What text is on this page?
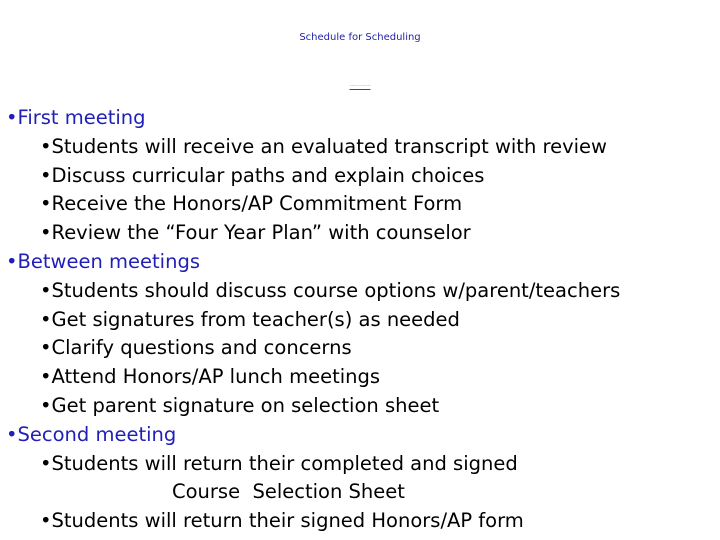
Schedule for Scheduling
Counselors will see all students two times
•First meeting
•Students will receive an evaluated transcript with review
•Discuss curricular paths and explain choices
•Receive the Honors/AP Commitment Form
•Review the “Four Year Plan” with counselor
•Between meetings
•Students should discuss course options w/parent/teachers
•Get signatures from teacher(s) as needed
•Clarify questions and concerns
•Attend Honors/AP lunch meetings
•Get parent signature on selection sheet
•Second meeting
•Students will return their completed and signed
Course  Selection Sheet
•Students will return their signed Honors/AP form
